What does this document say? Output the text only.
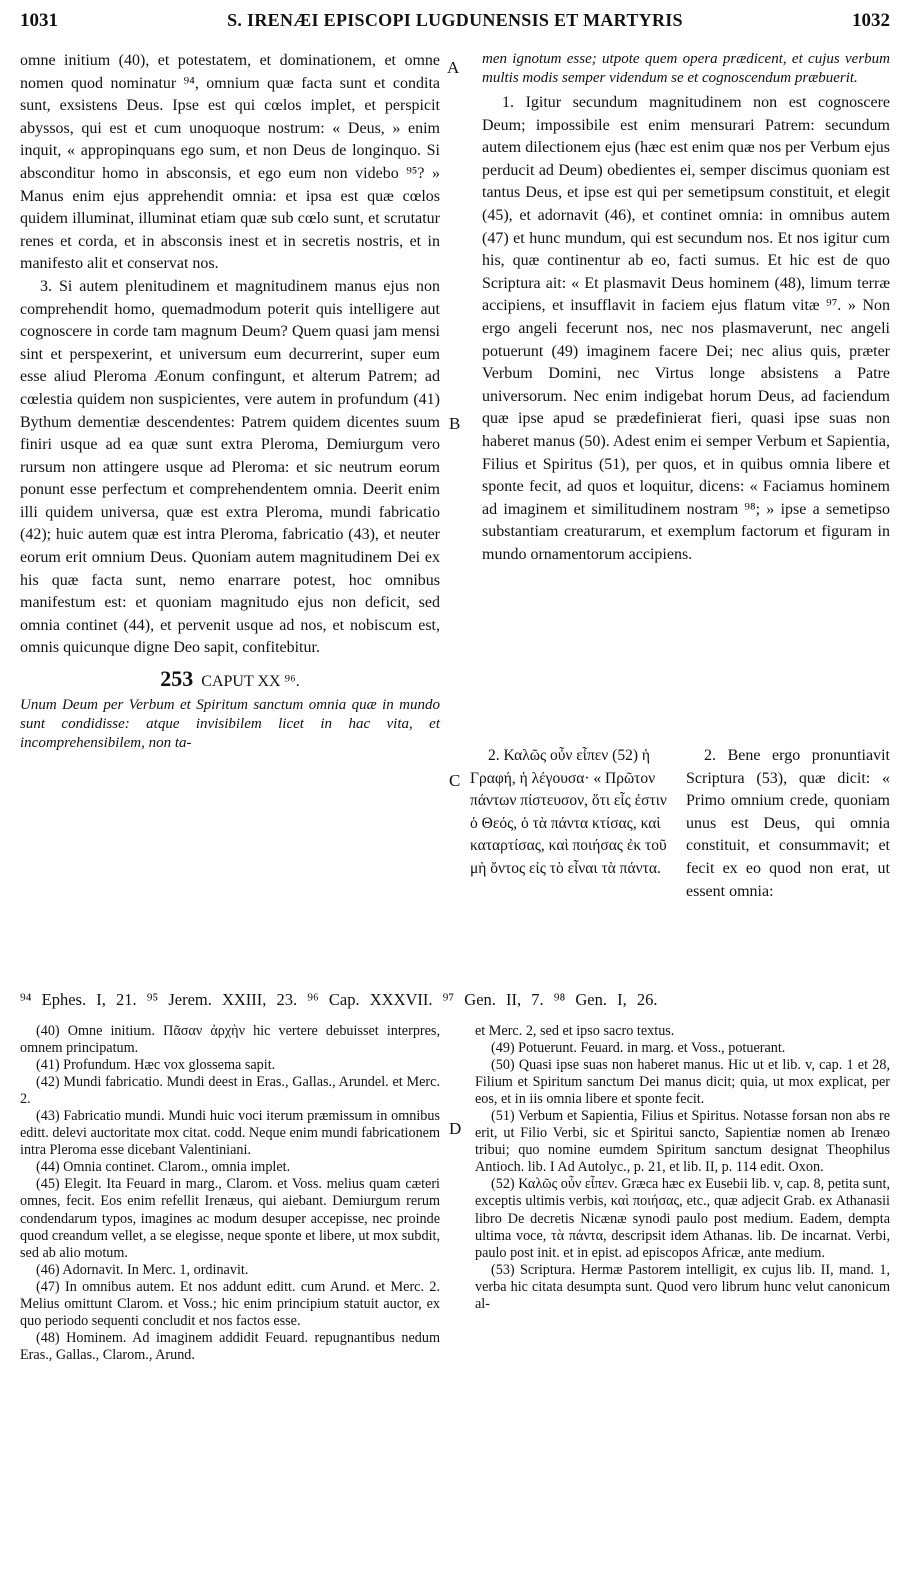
1031	S. IRENÆI EPISCOPI LUGDUNENSIS ET MARTYRIS	1032
A
B
C
D

omne initium (40), et potestatem, et dominationem, et omne nomen quod nominatur ⁹⁴, omnium quæ facta sunt et condita sunt, exsistens Deus. Ipse est qui cœlos implet, et perspicit abyssos, qui est et cum unoquoque nostrum: « Deus, » enim inquit, « appropinquans ego sum, et non Deus de longinquo. Si absconditur homo in absconsis, et ego eum non videbo ⁹⁵? » Manus enim ejus apprehendit omnia: et ipsa est quæ cœlos quidem illuminat, illuminat etiam quæ sub cœlo sunt, et scrutatur renes et corda, et in absconsis inest et in secretis nostris, et in manifesto alit et conservat nos.

3. Si autem plenitudinem et magnitudinem manus ejus non comprehendit homo, quemadmodum poterit quis intelligere aut cognoscere in corde tam magnum Deum? Quem quasi jam mensi sint et perspexerint, et universum eum decurrerint, super eum esse aliud Pleroma Æonum confingunt, et alterum Patrem; ad cœlestia quidem non suspicientes, vere autem in profundum (41) Bythum dementiæ descendentes: Patrem quidem dicentes suum finiri usque ad ea quæ sunt extra Pleroma, Demiurgum vero rursum non attingere usque ad Pleroma: et sic neutrum eorum ponunt esse perfectum et comprehendentem omnia. Deerit enim illi quidem universa, quæ est extra Pleroma, mundi fabricatio (42); huic autem quæ est intra Pleroma, fabricatio (43), et neuter eorum erit omnium Deus. Quoniam autem magnitudinem Dei ex his quæ facta sunt, nemo enarrare potest, hoc omnibus manifestum est: et quoniam magnitudo ejus non deficit, sed omnia continet (44), et pervenit usque ad nos, et nobiscum est, omnis quicunque digne Deo sapit, confitebitur.

253 CAPUT XX ⁹⁶.
Unum Deum per Verbum et Spiritum sanctum omnia quæ in mundo sunt condidisse: atque invisibilem licet in hac vita, et incomprehensibilem, non ta-

men ignotum esse; utpote quem opera prædicent, et cujus verbum multis modis semper videndum se et cognoscendum præbuerit.

1. Igitur secundum magnitudinem non est cognoscere Deum; impossibile est enim mensurari Patrem: secundum autem dilectionem ejus (hæc est enim quæ nos per Verbum ejus perducit ad Deum) obedientes ei, semper discimus quoniam est tantus Deus, et ipse est qui per semetipsum constituit, et elegit (45), et adornavit (46), et continet omnia: in omnibus autem (47) et hunc mundum, qui est secundum nos. Et nos igitur cum his, quæ continentur ab eo, facti sumus. Et hic est de quo Scriptura ait: « Et plasmavit Deus hominem (48), limum terræ accipiens, et insufflavit in faciem ejus flatum vitæ ⁹⁷. » Non ergo angeli fecerunt nos, nec nos plasmaverunt, nec angeli potuerunt (49) imaginem facere Dei; nec alius quis, præter Verbum Domini, nec Virtus longe absistens a Patre universorum. Nec enim indigebat horum Deus, ad faciendum quæ ipse apud se prædefinierat fieri, quasi ipse suas non haberet manus (50). Adest enim ei semper Verbum et Sapientia, Filius et Spiritus (51), per quos, et in quibus omnia libere et sponte fecit, ad quos et loquitur, dicens: « Faciamus hominem ad imaginem et similitudinem nostram ⁹⁸; » ipse a semetipso substantiam creaturarum, et exemplum factorum et figuram in mundo ornamentorum accipiens.

2. Καλῶς οὖν εἶπεν (52) ἡ Γραφή, ἡ λέγουσα· « Πρῶτον πάντων πίστευσον, ὅτι εἷς ἐστιν ὁ Θεός, ὁ τὰ πάντα κτίσας, καὶ καταρτίσας, καὶ ποιήσας ἐκ τοῦ μὴ ὄντος εἰς τὸ εἶναι τὰ πάντα.

2. Bene ergo pronuntiavit Scriptura (53), quæ dicit: « Primo omnium crede, quoniam unus est Deus, qui omnia constituit, et consummavit; et fecit ex eo quod non erat, ut essent omnia:

⁹⁴ Ephes. I, 21. ⁹⁵ Jerem. XXIII, 23. ⁹⁶ Cap. XXXVII. ⁹⁷ Gen. II, 7. ⁹⁸ Gen. I, 26.

(40) Omne initium. Πᾶσαν ἀρχὴν hic vertere debuisset interpres, omnem principatum.

(41) Profundum. Hæc vox glossema sapit.

(42) Mundi fabricatio. Mundi deest in Eras., Gallas., Arundel. et Merc. 2.

(43) Fabricatio mundi. Mundi huic voci iterum præmissum in omnibus editt. delevi auctoritate mox citat. codd. Neque enim mundi fabricationem intra Pleroma esse dicebant Valentiniani.

(44) Omnia continet. Clarom., omnia implet.

(45) Elegit. Ita Feuard in marg., Clarom. et Voss. melius quam cæteri omnes, fecit. Eos enim refellit Irenæus, qui aiebant. Demiurgum rerum condendarum typos, imagines ac modum desuper accepisse, nec proinde quod creandum vellet, a se elegisse, neque sponte et libere, ut mox subdit, sed ab alio motum.

(46) Adornavit. In Merc. 1, ordinavit.

(47) In omnibus autem. Et nos addunt editt. cum Arund. et Merc. 2. Melius omittunt Clarom. et Voss.; hic enim principium statuit auctor, ex quo periodo sequenti concludit et nos factos esse.

(48) Hominem. Ad imaginem addidit Feuard. repugnantibus nedum Eras., Gallas., Clarom., Arund.

et Merc. 2, sed et ipso sacro textus.

(49) Potuerunt. Feuard. in marg. et Voss., potuerant.

(50) Quasi ipse suas non haberet manus. Hic ut et lib. v, cap. 1 et 28, Filium et Spiritum sanctum Dei manus dicit; quia, ut mox explicat, per eos, et in iis omnia libere et sponte fecit.

(51) Verbum et Sapientia, Filius et Spiritus. Notasse forsan non abs re erit, ut Filio Verbi, sic et Spiritui sancto, Sapientiæ nomen ab Irenæo tribui; quo nomine eumdem Spiritum sanctum designat Theophilus Antioch. lib. I Ad Autolyc., p. 21, et lib. II, p. 114 edit. Oxon.

(52) Καλῶς οὖν εἶπεν. Græca hæc ex Eusebii lib. v, cap. 8, petita sunt, exceptis ultimis verbis, καὶ ποιήσας, etc., quæ adjecit Grab. ex Athanasii libro De decretis Nicænæ synodi paulo post medium. Eadem, dempta ultima voce, τὰ πάντα, descripsit idem Athanas. lib. De incarnat. Verbi, paulo post init. et in epist. ad episcopos Africæ, ante medium.

(53) Scriptura. Hermæ Pastorem intelligit, ex cujus lib. II, mand. 1, verba hic citata desumpta sunt. Quod vero librum hunc velut canonicum al-
